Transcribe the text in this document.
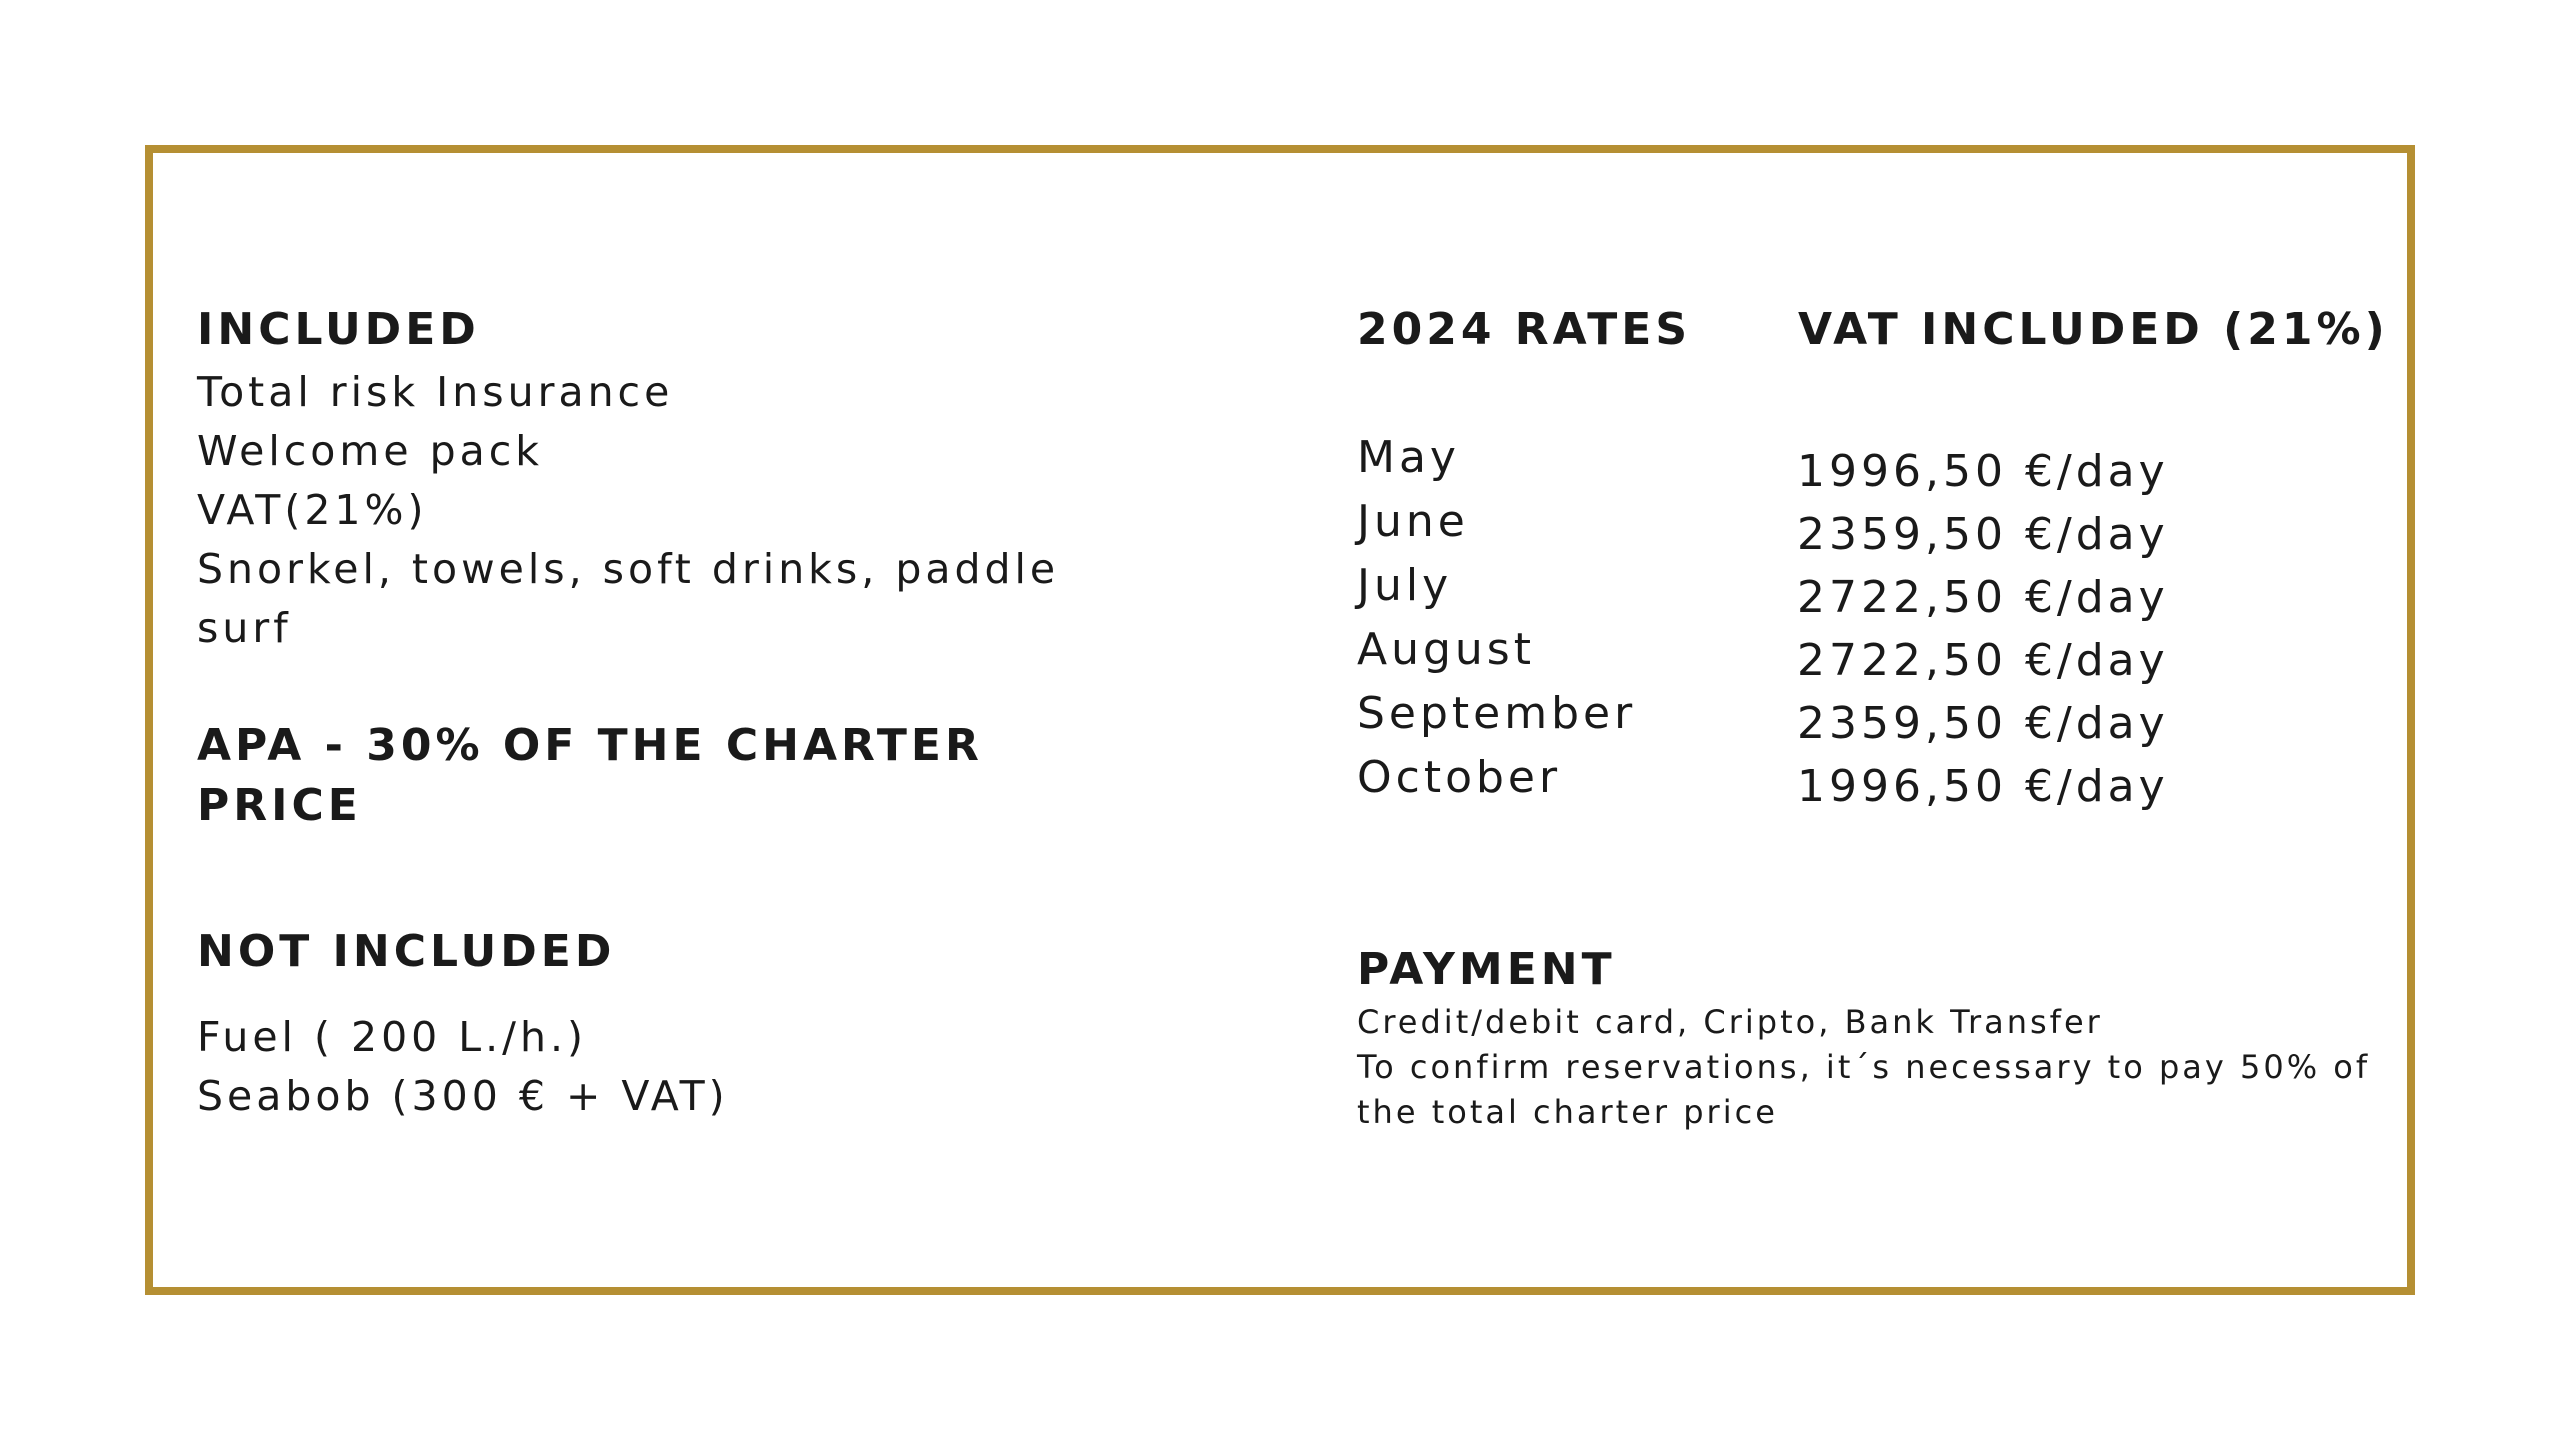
INCLUDED
Total risk Insurance
Welcome pack
VAT(21%)
Snorkel, towels, soft drinks, paddle
surf
APA - 30% OF THE CHARTER
PRICE
NOT INCLUDED
Fuel ( 200 L./h.)
Seabob (300 € + VAT)
2024 RATES VAT INCLUDED (21%)
May
June
July
August
September
October
1996,50 €/day
2359,50 €/day
2722,50 €/day
2722,50 €/day
2359,50 €/day
1996,50 €/day
PAYMENT
Credit/debit card, Cripto, Bank Transfer
To confirm reservations, it´s necessary to pay 50% of
the total charter price
